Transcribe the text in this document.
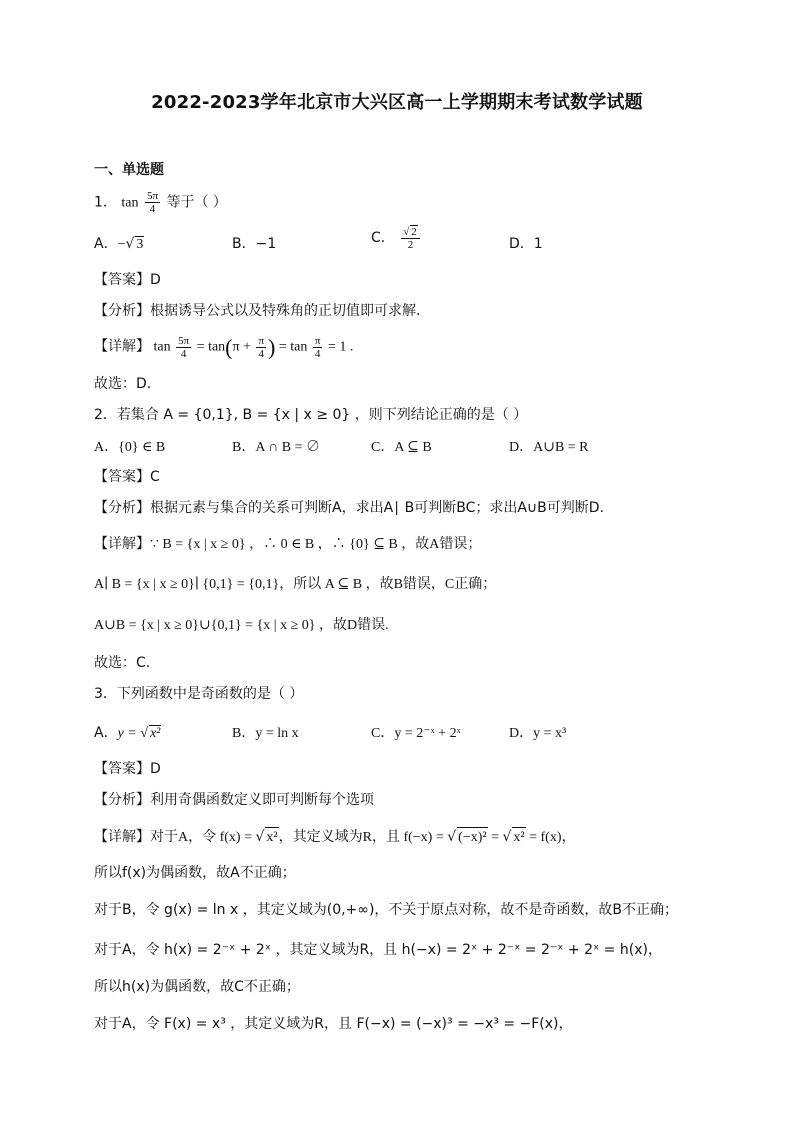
2022-2023学年北京市大兴区高一上学期期末考试数学试题
一、单选题
1． $\tan \frac{5\pi}{4}$ 等于（ ）
A．−√ 3	B．−1	C． $\frac{√ 2}{2}$	D．1
【答案】D
【分析】根据诱导公式以及特殊角的正切值即可求解.
【详解】 $\tan \frac{5\pi}{4} = \tan(\pi + \frac{\pi}{4}$ ) = $\tan \frac{\pi}{4} = 1$ .
故选：D.
2．若集合 A = {0,1}, B = {x | x ≥ 0} ，则下列结论正确的是（ ）
A．{0} ∈ B	B．A ∩ B = ∅	C．A ⊆ B	D．A∪B = R
【答案】C
【分析】根据元素与集合的关系可判断A，求出A∣ B可判断BC；求出A∪B可判断D.
【详解】∵ B = {x | x ≥ 0} ，∴ 0 ∈ B ，∴ {0} ⊆ B ，故A错误；
A∣ B = {x | x ≥ 0}∣ {0,1} = {0,1}，所以 A ⊆ B ，故B错误，C正确；
A∪B = {x | x ≥ 0}∪{0,1} = {x | x ≥ 0} ，故D错误.
故选：C.
3．下列函数中是奇函数的是（ ）
A．y = √ x²	B．y = ln x	C．y = 2⁻ˣ + 2ˣ	D．y = x³
【答案】D
【分析】利用奇偶函数定义即可判断每个选项
【详解】对于A，令 f(x) = √ x²，其定义域为R，且 f(−x) = √ (−x)² = √ x² = f(x)，
所以f(x)为偶函数，故A不正确；
对于B，令 g(x) = ln x ，其定义域为(0,+∞)，不关于原点对称，故不是奇函数，故B不正确；
对于A，令 h(x) = 2⁻ˣ + 2ˣ ，其定义域为R，且 h(−x) = 2ˣ + 2⁻ˣ = 2⁻ˣ + 2ˣ = h(x)，
所以h(x)为偶函数，故C不正确；
对于A，令 F(x) = x³ ，其定义域为R，且 F(−x) = (−x)³ = −x³ = −F(x)，
